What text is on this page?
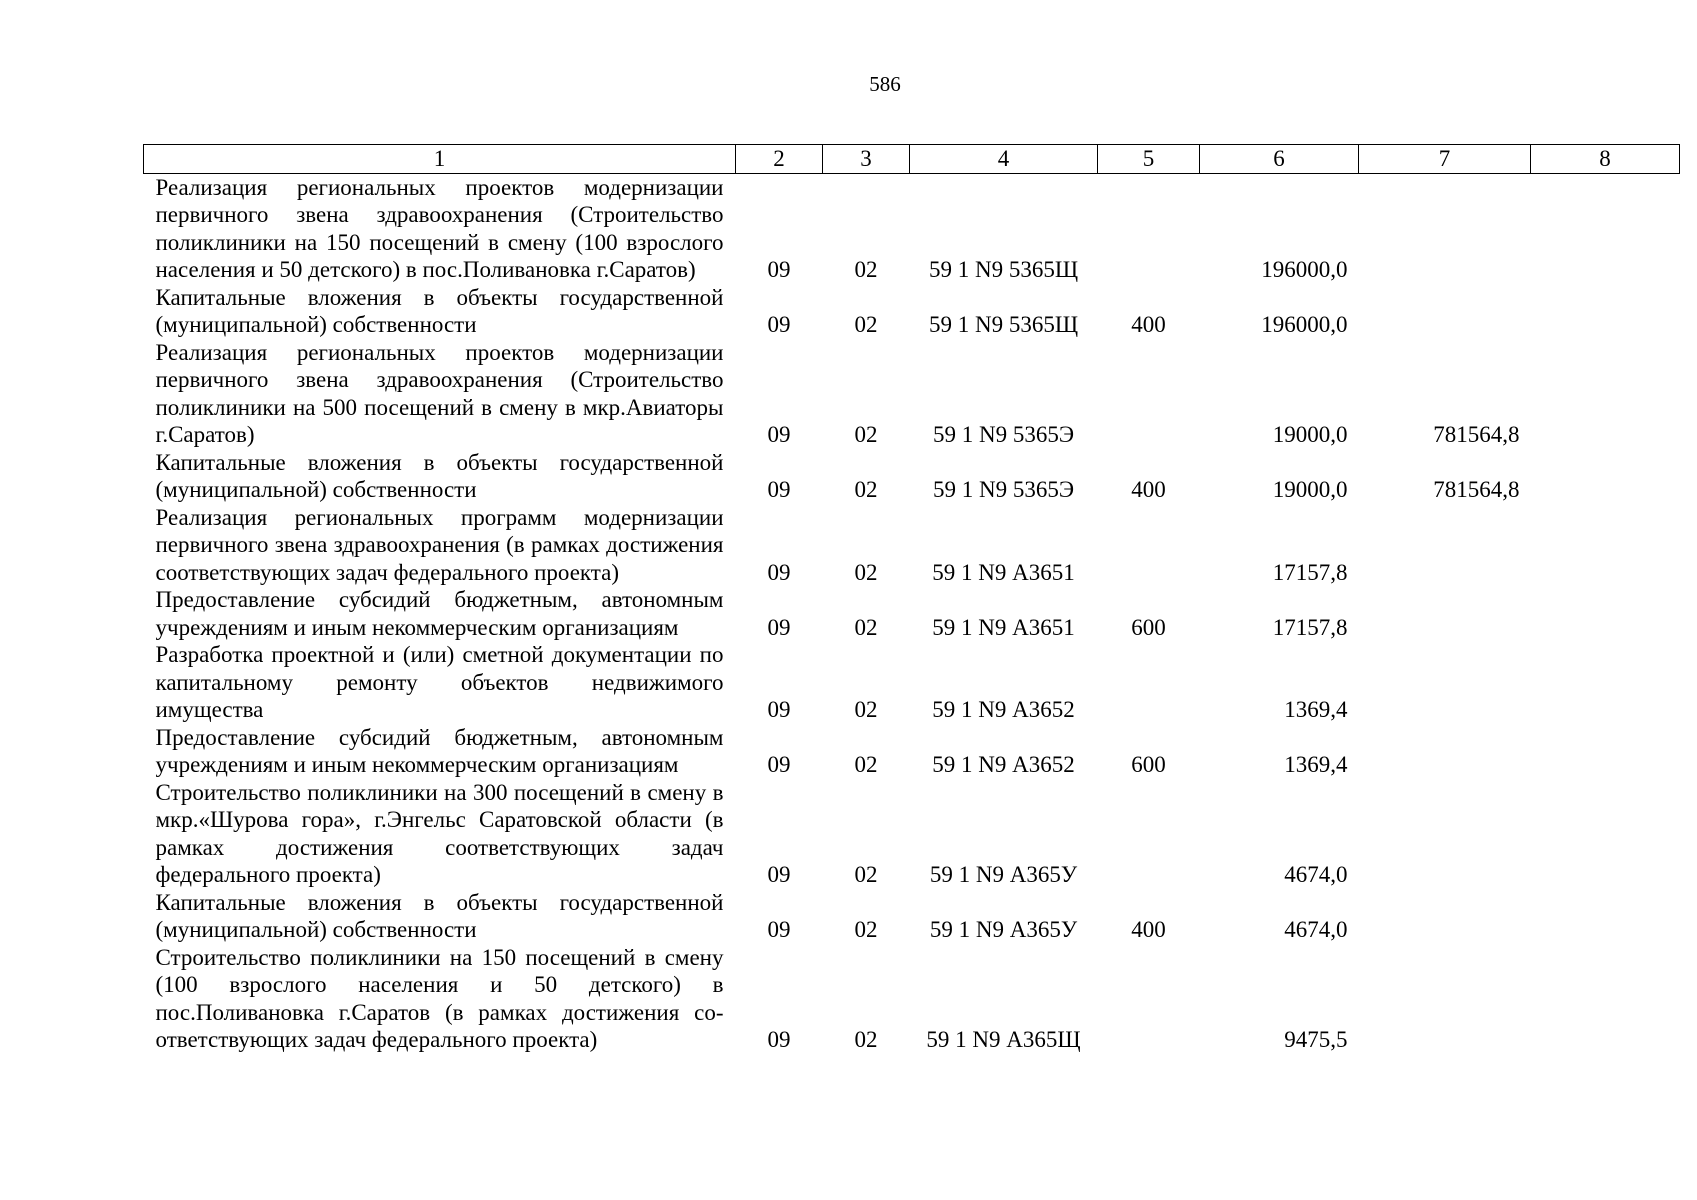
586
1	2	3	4	5	6	7	8
Реализация региональных проектов модернизации первичного звена здравоохранения (Строительство поликлиники на 150 посещений в смену (100 взрослого населения и 50 детского) в пос.Поливановка г.Саратов)	09	02	59 1 N9 5365Щ		196000,0		
Капитальные вложения в объекты государственной (муниципальной) собственности	09	02	59 1 N9 5365Щ	400	196000,0		
Реализация региональных проектов модернизации первичного звена здравоохранения (Строительство поликлиники на 500 посещений в смену в мкр.Авиаторы г.Саратов)	09	02	59 1 N9 5365Э		19000,0	781564,8	
Капитальные вложения в объекты государственной (муниципальной) собственности	09	02	59 1 N9 5365Э	400	19000,0	781564,8	
Реализация региональных программ модернизации первичного звена здравоохранения (в рамках достижения соответствующих задач федерального проекта)	09	02	59 1 N9 А3651		17157,8		
Предоставление субсидий бюджетным, автономным учреждениям и иным некоммерческим организациям	09	02	59 1 N9 А3651	600	17157,8		
Разработка проектной и (или) сметной документации по капитальному ремонту объектов недвижимого имущества	09	02	59 1 N9 А3652		1369,4		
Предоставление субсидий бюджетным, автономным учреждениям и иным некоммерческим организациям	09	02	59 1 N9 А3652	600	1369,4		
Строительство поликлиники на 300 посещений в смену в мкр.«Шурова гора», г.Энгельс Саратовской области (в рамках достижения соответствующих задач федерального проекта)	09	02	59 1 N9 А365У		4674,0		
Капитальные вложения в объекты государственной (муниципальной) собственности	09	02	59 1 N9 А365У	400	4674,0		
Строительство поликлиники на 150 посещений в смену (100 взрослого населения и 50 детского) в пос.Поливановка г.Саратов (в рамках достижения соответствующих задач федерального проекта)	09	02	59 1 N9 А365Щ		9475,5		
